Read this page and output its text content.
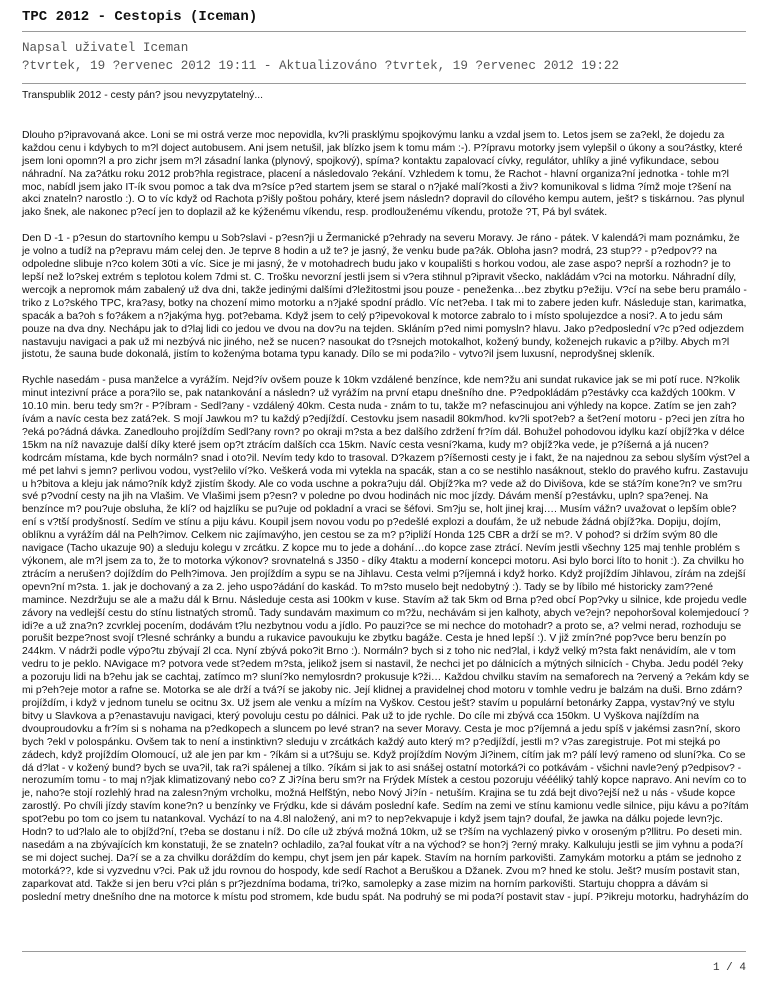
TPC 2012 - Cestopis (Iceman)
Napsal uživatel Iceman
?tvrtek, 19 ?ervenec 2012 19:11 - Aktualizováno ?tvrtek, 19 ?ervenec 2012 19:22

Transpublik 2012 - cesty pán? jsou nevyzpytatelný...

Dlouho p?ipravovaná akce. Loni se mi ostrá verze moc nepovidla, kv?li prasklýmu spojkovýmu lanku a vzdal jsem to. Letos jsem se za?ekl, že dojedu za každou cenu i kdybych to m?l doject autobusem. Ani jsem netušil, jak blízko jsem k tomu mám :-). P?ípravu motorky jsem vylepšil o úkony a sou?ástky, které jsem loni opomn?l a pro zichr jsem m?l zásadní lanka (plynový, spojkový), spíma? kontaktu zapalovací cívky, regulátor, uhlíky a jiné vyfikundace, sebou náhradní. Na za?átku roku 2012 prob?hla registrace, placení a následovalo ?ekání. Vzhledem k tomu, že Rachot - hlavní organiza?ní jednotka - tohle m?l moc, nabídl jsem jako IT-ík svou pomoc a tak dva m?síce p?ed startem jsem se staral o n?jaké malí?kosti a živ? komunikoval s lidma ?ímž moje t?šení na akci znateln? narostlo :). O to víc když od Rachota p?išly poštou poháry, které jsem následn? dopravil do cílového kempu autem, ješt? s tiskárnou. ?as plynul jako šnek, ale nakonec p?ecí jen to doplazil až ke kýženému víkendu, resp. prodlouženému víkendu, protože ?T, Pá byl svátek.

Den D -1 - p?esun do startovního kempu u Sob?slavi - p?esn?ji u Žermanické p?ehrady na severu Moravy. Je ráno - pátek. V kalendá?i mam poznámku, že je volno a tudíž na p?epravu mám celej den. Je teprve 8 hodin a už te? je jasný, že venku bude pa?ák. Obloha jasn? modrá, 23 stup?? - p?edpov?? na odpoledne slibuje n?co kolem 30ti a víc. Sice je mi jasný, že v motohadrech budu jako v koupališti s horkou vodou, ale zase aspo? neprší a rozhodn? je to lepší než lo?skej extrém s teplotou kolem 7dmi st. C. Trošku nevorzní jestli jsem si v?era stihnul p?ipravit všecko, nakládám v?ci na motorku. Náhradní díly, wercojk a nepromok mám zabalený už dva dni, takže jedinými dalšími d?ležitostmi jsou pouze - peneženka…bez zbytku p?ežiju. V?cí na sebe beru pramálo - triko z Lo?ského TPC, kra?asy, botky na chození mimo motorku a n?jaké spodní prádlo. Víc net?eba. I tak mi to zabere jeden kufr. Následuje stan, karimatka, spacák a ba?oh s fo?ákem a n?jakýma hyg. pot?ebama. Když jsem to celý p?ipevokoval k motorce zabralo to i místo spolujezdce a nosi?. A to jedu sám pouze na dva dny. Nechápu jak to d?laj lidi co jedou ve dvou na dov?u na tejden. Skláním p?ed nimi pomysln? hlavu. Jako p?edposlední v?c p?ed odjezdem nastavuju navigaci a pak už mi nezbývá nic jiného, než se nucen? nasoukat do t?snejch motokalhot, kožený bundy, koženejch rukavic a p?ilby. Abych m?l jistotu, že sauna bude dokonalá, jistím to koženýma botama typu kanady. Dílo se mi poda?ilo - vytvo?il jsem luxusní, neprodyšnej skleník.

Rychle nasedám - pusa manželce a vyrážím. Nejd?ív ovšem pouze k 10km vzdálené benzínce, kde nem?žu ani sundat rukavice jak se mi potí ruce. N?kolik minut intezivní práce a pora?ilo se, pak natankování a následn? už vyrážím na první etapu dnešního dne. P?edpokládám p?estávky cca každých 100km. V 10.10 min. beru tedy sm?r - P?íbram - Sedl?any - vzdálený 40km. Cesta nuda - znám to tu, takže m? nefascinujou ani výhledy na kopce. Zatím se jen zah?ívám a navíc cesta bez zatá?ek. S mojí Jawkou m? tu každý p?edjíždí. Cestovku jsem nasadil 80km/hod. kv?li spot?eb? a šet?ení motoru - p?eci jen zítra ho ?eká po?ádná dávka. Zanedlouho projíždím Sedl?any rovn? po okraji m?sta a bez dalšího zdržení fr?ím dál. Bohužel pohodovou idylku kazí objíž?ka v délce 15km na níž navazuje další díky které jsem op?t ztrácím dalších cca 15km. Navíc cesta vesní?kama, kudy m? objíž?ka vede, je p?íšerná a já nucen? kodrcám místama, kde bych normáln? snad i oto?il. Nevím tedy kdo to trasoval. D?kazem p?íšernosti cesty je i fakt, že na najednou za sebou slyším výst?el a mé pet lahvi s jemn? perlivou vodou, vyst?elilo ví?ko. Veškerá voda mi vytekla na spacák, stan a co se nestihlo nasáknout, steklo do pravého kufru. Zastavuju u h?bitova a kleju jak námo?ník když zjistím škody. Ale co voda uschne a pokra?uju dál. Objíž?ka m? vede až do Divišova, kde se stá?ím kone?n? ve sm?ru své p?vodní cesty na jih na Vlašim. Ve Vlašimi jsem p?esn? v poledne po dvou hodinách nic moc jízdy. Dávám menší p?estávku, upln? spa?enej. Na benzínce m? pou?uje obsluha, že klí? od hajzlíku se pu?uje od pokladní a vraci se šéfovi. Sm?ju se, holt jinej kraj…. Musím vážn? uvažovat o lepším oble?ení s v?tší prodyšností. Sedím ve stínu a piju kávu. Koupil jsem novou vodu po p?edešlé explozi a doufám, že už nebude žádná objíž?ka. Dopiju, dojím, oblíknu a vyrážím dál na Pelh?imov. Celkem nic zajímavýho, jen cestou se za m? p?ipliží Honda 125 CBR a drží se m?. V pohod? si držím svým 80 dle navigace (Tacho ukazuje 90) a sleduju kolegu v zrcátku. Z kopce mu to jede a dohání…do kopce zase ztrácí. Nevím jestli všechny 125 maj tenhle problém s výkonem, ale m?l jsem za to, že to motorka výkonov? srovnatelná s J350 - díky 4taktu a moderní koncepci motoru. Asi bylo borci líto to honit :). Za chvilku ho ztrácím a nerušen? dojíždím do Pelh?imova. Jen projíždím a sypu se na Jihlavu. Cesta velmi p?íjemná i když horko. Když projíždím Jihlavou, zírám na zdejší opevn?ní m?sta. 1. jak je dochovaný a za 2. jeho uspo?ádání do kaskád. To m?sto muselo bejt nedobytný :). Tady se by líbilo mé historicky zam??ené mamince. Nezdržuju se ale a mažu dál k Brnu. Následuje cesta asi 100km v kuse. Stavím až tak 5km od Brna p?ed obcí Pop?vky u silnice, kde projedu vedle závory na vedlejší cestu do stínu listnatých stromů. Tady sundavám maximum co m?žu, nechávám si jen kalhoty, abych ve?ejn? nepohoršoval kolemjedoucí ?idi?e a už zna?n? zcvrklej pocením, dodávám t?lu nezbytnou vodu a jídlo. Po pauzi?ce se mi nechce do motohadr? a proto se, a? velmi nerad, rozhoduju se porušit bezpe?nost svojí t?lesné schránky a bundu a rukavice pavoukuju ke zbytku bagáže. Cesta je hned lepší :). V již zmín?né pop?vce beru benzín po 244km. V nádrži podle výpo?tu zbývají 2l cca. Nyní zbývá poko?it Brno :). Normáln? bych si z toho nic ned?lal, i když velký m?sta fakt nenávidím, ale v tom vedru to je peklo. NAvigace m? potvora vede st?edem m?sta, jelikož jsem si nastavil, že nechci jet po dálnicích a mýtných silnicích - Chyba. Jedu podél ?eky a pozoruju lidi na b?ehu jak se cachtaj, zatímco m? sluní?ko nemylosrdn? prokusuje k?ži… Každou chvilku stavím na semaforech na ?ervený a ?ekám kdy se mi p?eh?eje motor a rafne se. Motorka se ale drží a tvá?í se jakoby nic. Její klidnej a pravidelnej chod motoru v tomhle vedru je balzám na duši. Brno zdárn? projíždím, i když v jednom tunelu se ocitnu 3x. Už jsem ale venku a mízím na Vyškov. Cestou ješt? stavím u populární betonárky Zappa, vystav?ný ve stylu bitvy u Slavkova a p?enastavuju navigaci, který povoluju cestu po dálnici. Pak už to jde rychle. Do cíle mi zbývá cca 150km. U Vyškova najíždím na dvouproudovku a fr?ím si s nohama na p?edkopech a sluncem po levé stran? na sever Moravy. Cesta je moc p?íjemná a jedu spíš v jakémsi zasn?ní, skoro bych ?ekl v polospánku. Ovšem tak to není a instinktivn? sleduju v zrcátkách každý auto který m? p?edjíždí, jestli m? v?as zaregistruje. Pot mi stejká po zádech, když projíždím Olomoucí, už ale jen par km - ?íkám si a ut?šuju se. Když projíždím Novým Ji?inem, cítím jak m? pálí levý rameno od sluní?ka. Co se dá d?lat - v kožený bund? bych se uva?il, tak ra?i spálenej a tílko. ?íkám si jak to asi snášej ostatní motorká?i co potkávám - všichni navle?ený p?edpisov? - nerozumím tomu - to maj n?jak klimatizovaný nebo co? Z Ji?ína beru sm?r na Frýdek Místek a cestou pozoruju véééliký tahlý kopce napravo. Ani nevím co to je, naho?e stojí rozlehlý hrad na zalesn?ným vrcholku, možná Helfštýn, nebo Nový Ji?ín - netuším. Krajina se tu zdá bejt divo?ejší než u nás - všude kopce zarostlý. Po chvíli jízdy stavím kone?n? u benzínky ve Frýdku, kde si dávám poslední kafe. Sedím na zemi ve stínu kamionu vedle silnice, piju kávu a po?ítám spot?ebu po tom co jsem tu natankoval. Vychází to na 4.8l naložený, ani m? to nep?ekvapuje i když jsem tajn? doufal, že jawka na dálku pojede levn?jc. Hodn? to ud?lalo ale to objížd?ní, t?eba se dostanu i níž. Do cíle už zbývá možná 10km, už se t?ším na vychlazený pivko v oroseným p?llitru. Po deseti min. nasedám a na zbývajících km konstatuji, že se znateln? ochladilo, za?al foukat vítr a na východ? se hon?j ?erný mraky. Kalkuluju jestli se jim vyhnu a poda?í se mi doject suchej. Da?í se a za chvilku doráždím do kempu, chyt jsem jen pár kapek. Stavím na horním parkovišti. Zamykám motorku a ptám se jednoho z motorká??, kde si vyzvednu v?ci. Pak už jdu rovnou do hospody, kde sedí Rachot a Beruškou a Džanek. Zvou m? hned ke stolu. Ješt? musím postavit stan, zaparkovat atd. Takže si jen beru v?ci plán s pr?jezdníma bodama, tri?ko, samolepky a zase mizim na horním parkovišti. Startuju choppra a dávám si poslední metry dnešního dne na motorce k místu pod stromem, kde budu spát. Na podruhý se mi poda?í postavit stav - jupí. P?ikreju motorku, hadryházím do

1 / 4
